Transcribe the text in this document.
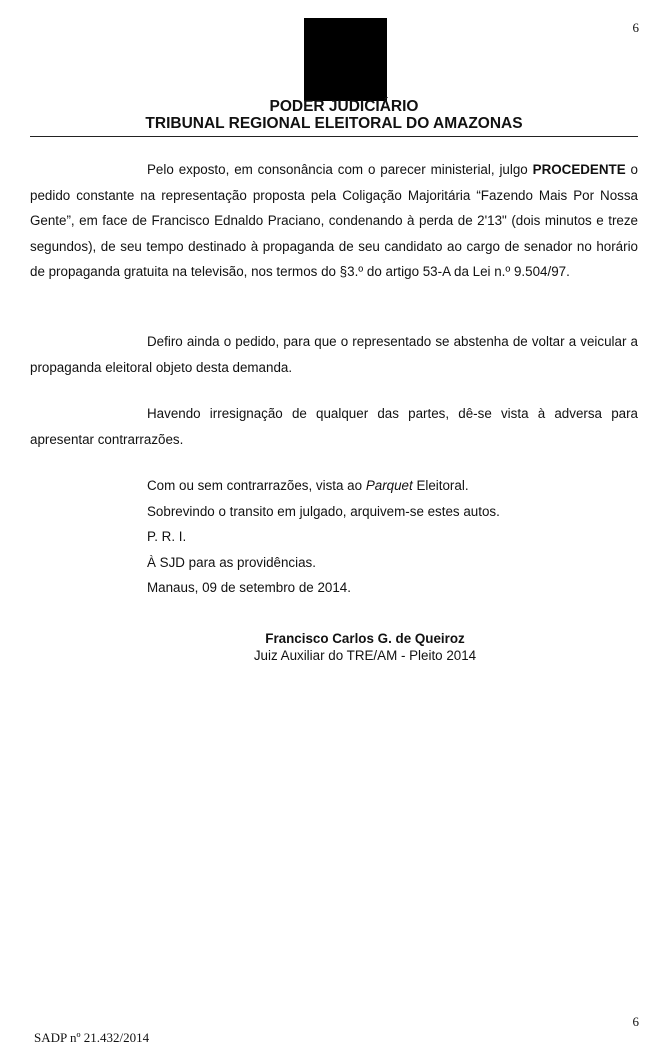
6
PODER JUDICIÁRIO
TRIBUNAL REGIONAL ELEITORAL DO AMAZONAS

Pelo exposto, em consonância com o parecer ministerial, julgo PROCEDENTE o pedido constante na representação proposta pela Coligação Majoritária “Fazendo Mais Por Nossa Gente”, em face de Francisco Ednaldo Praciano, condenando à perda de 2'13" (dois minutos e treze segundos), de seu tempo destinado à propaganda de seu candidato ao cargo de senador no horário de propaganda gratuita na televisão, nos termos do §3.º do artigo 53-A da Lei n.º 9.504/97.

Defiro ainda o pedido, para que o representado se abstenha de voltar a veicular a propaganda eleitoral objeto desta demanda.

Havendo irresignação de qualquer das partes, dê-se vista à adversa para apresentar contrarrazões.

Com ou sem contrarrazões, vista ao Parquet Eleitoral.
Sobrevindo o transito em julgado, arquivem-se estes autos.
P. R. I.
À SJD para as providências.
Manaus, 09 de setembro de 2014.
Francisco Carlos G. de Queiroz
Juiz Auxiliar do TRE/AM - Pleito 2014
6
SADP nº 21.432/2014
